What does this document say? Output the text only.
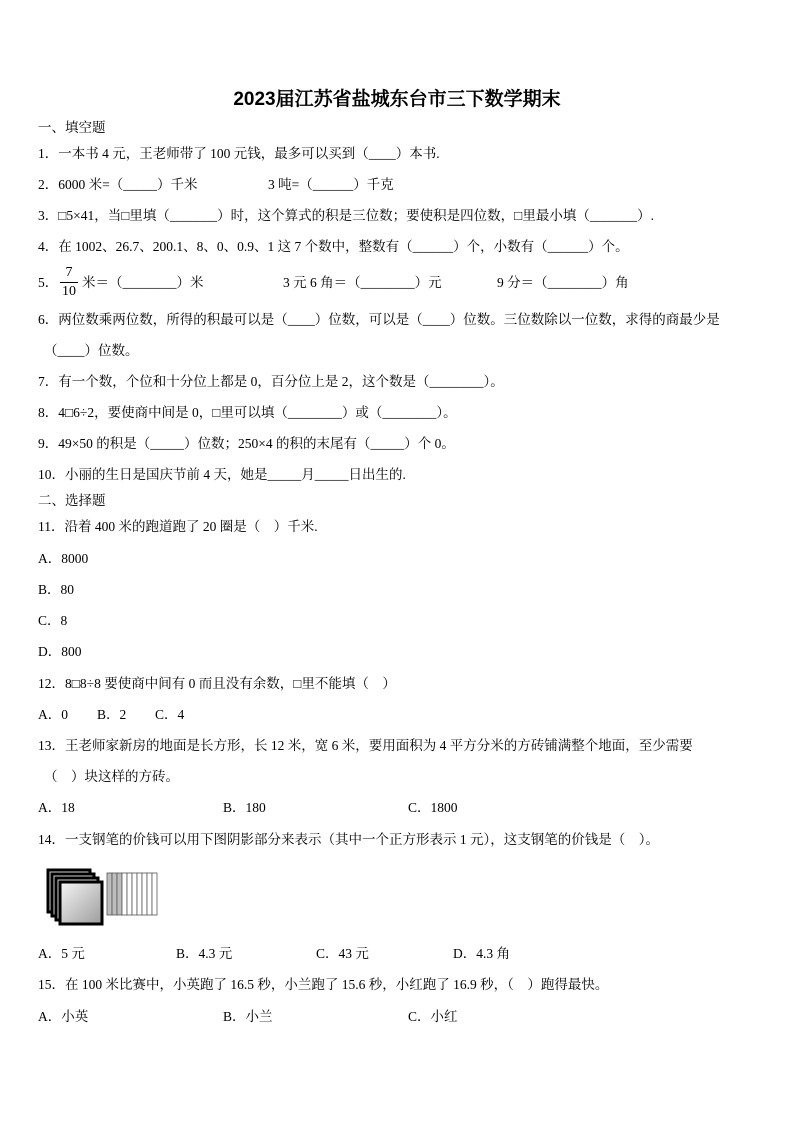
2023届江苏省盐城东台市三下数学期末
一、填空题
1．一本书 4 元，王老师带了 100 元钱，最多可以买到（____）本书.
2．6000 米=（_____）千米	3 吨=（______）千克
3．□5×41，当□里填（_______）时，这个算式的积是三位数；要使积是四位数，□里最小填（_______）.
4．在 1002、26.7、200.1、8、0、0.9、1 这 7 个数中，整数有（______）个，小数有（______）个。
5． $\frac{7}{10}$ 米＝（________）米	3 元 6 角＝（________）元	9 分＝（________）角
6．两位数乘两位数，所得的积最可以是（____）位数，可以是（____）位数。三位数除以一位数，求得的商最少是
（____）位数。
7．有一个数，个位和十分位上都是 0，百分位上是 2，这个数是（________）。
8．4□6÷2，要使商中间是 0，□里可以填（________）或（________）。
9．49×50 的积是（_____）位数；250×4 的积的末尾有（_____）个 0。
10．小丽的生日是国庆节前 4 天，她是_____月_____日出生的.
二、选择题
11．沿着 400 米的跑道跑了 20 圈是（    ）千米.
A．8000
B．80
C．8
D．800
12．8□8÷8 要使商中间有 0 而且没有余数，□里不能填（    ）
A．0 B．2 C．4
13．王老师家新房的地面是长方形，长 12 米，宽 6 米，要用面积为 4 平方分米的方砖铺满整个地面，至少需要
（    ）块这样的方砖。
A．18	B．180	C．1800
14．一支钢笔的价钱可以用下图阴影部分来表示（其中一个正方形表示 1 元），这支钢笔的价钱是（    ）。
A．5 元	B．4.3 元	C．43 元	D．4.3 角
15．在 100 米比赛中，小英跑了 16.5 秒，小兰跑了 15.6 秒，小红跑了 16.9 秒，（    ）跑得最快。
A．小英	B．小兰	C．小红
